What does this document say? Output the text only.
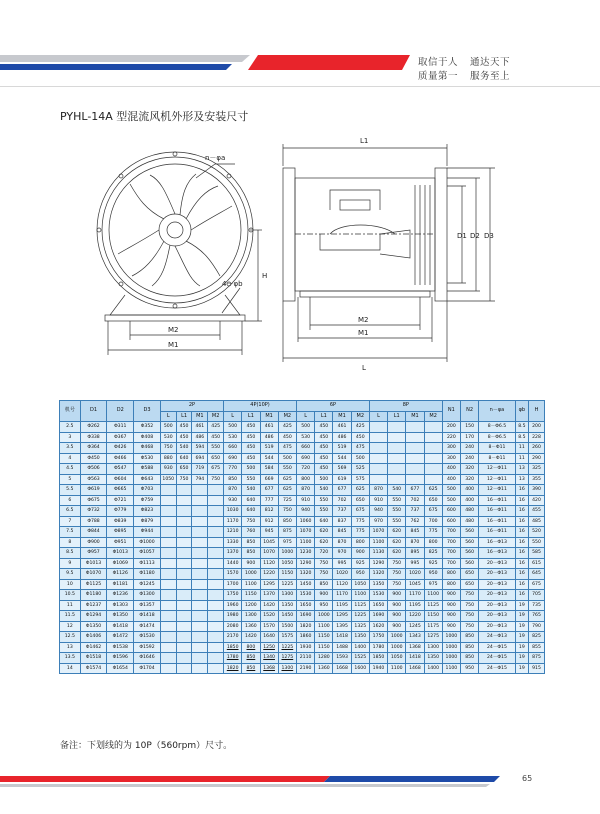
取信于人 通达天下
质量第一 服务至上
PYHL-14A 型混流风机外形及安装尺寸
n－φa
4－φb
H
M2
M1
L1
D1 D2 D3
M2
M1
L
机号	D1	D2	D3	2P				4P(10P)				6P				8P				N1	N2	n－φa	φb	H
				L	L1	M1	M2	L	L1	M1	M2	L	L1	M1	M2	L	L1	M1	M2					
2.5	Φ262	Φ311	Φ352	500	450	461	425	500	450	461	425	500	450	461	425					200	150	8－Φ6.5	8.5	200
3	Φ338	Φ367	Φ408	530	450	486	450	530	450	486	450	530	450	486	450					220	170	8－Φ6.5	8.5	228
3.5	Φ364	Φ426	Φ468	750	540	594	550	660	450	519	475	660	450	519	475					300	240	8－Φ11	11	260
4	Φ450	Φ466	Φ530	880	640	694	650	690	450	544	500	690	450	544	500					300	240	8－Φ11	11	290
4.5	Φ506	Φ547	Φ588	930	650	719	675	770	500	584	550	720	450	569	525					400	320	12－Φ11	13	325
5	Φ563	Φ604	Φ643	1050	750	794	750	850	550	669	625	800	500	619	575					400	320	12－Φ11	13	355
5.5	Φ619	Φ665	Φ703					870	540	677	625	870	540	677	625	870	540	677	625	500	400	12－Φ11	16	390
6	Φ675	Φ721	Φ759					930	640	777	725	910	550	702	650	910	550	702	650	500	400	16－Φ11	16	420
6.5	Φ732	Φ779	Φ823					1030	640	812	750	940	550	737	675	940	550	737	675	600	480	16－Φ11	16	455
7	Φ788	Φ839	Φ879					1170	750	912	850	1060	640	837	775	970	550	762	700	600	480	16－Φ11	16	485
7.5	Φ844	Φ895	Φ944					1210	760	945	875	1070	620	845	775	1070	620	845	775	700	560	16－Φ11	16	520
8	Φ900	Φ951	Φ1000					1330	850	1045	975	1100	620	870	800	1100	620	870	800	700	560	16－Φ13	16	550
8.5	Φ957	Φ1013	Φ1057					1370	850	1070	1000	1230	720	970	900	1130	620	895	825	700	560	16－Φ13	16	585
9	Φ1013	Φ1069	Φ1113					1440	900	1120	1050	1290	750	995	925	1290	750	995	925	700	560	20－Φ13	16	615
9.5	Φ1070	Φ1126	Φ1180					1570	1000	1220	1150	1320	750	1020	950	1320	750	1020	950	800	650	20－Φ13	16	645
10	Φ1125	Φ1181	Φ1245					1700	1100	1295	1225	1450	850	1120	1050	1350	750	1045	975	800	650	20－Φ13	16	675
10.5	Φ1180	Φ1236	Φ1300					1750	1150	1370	1300	1530	900	1170	1100	1530	900	1170	1100	900	750	20－Φ13	16	705
11	Φ1237	Φ1303	Φ1357					1960	1200	1420	1350	1650	950	1195	1125	1650	900	1195	1125	900	750	20－Φ13	19	735
11.5	Φ1294	Φ1350	Φ1418					1980	1300	1520	1450	1690	1000	1295	1225	1690	900	1220	1150	900	750	20－Φ13	19	765
12	Φ1350	Φ1418	Φ1474					2080	1360	1570	1500	1820	1100	1395	1325	1620	900	1245	1175	900	750	20－Φ13	19	790
12.5	Φ1406	Φ1472	Φ1530					2170	1420	1640	1575	1860	1150	1418	1350	1750	1000	1343	1275	1000	850	24－Φ13	19	825
13	Φ1462	Φ1538	Φ1592					1850	800	1250	1225	1930	1150	1488	1400	1780	1000	1368	1300	1000	850	24－Φ15	19	855
13.5	Φ1518	Φ1596	Φ1646					1780	850	1340	1275	2110	1280	1593	1525	1850	1050	1418	1350	1000	850	24－Φ15	19	875
14	Φ1574	Φ1654	Φ1704					1820	850	1368	1300	2190	1360	1668	1600	1940	1100	1468	1400	1100	950	24－Φ15	19	915
备注：下划线的为 10P（560rpm）尺寸。
65
